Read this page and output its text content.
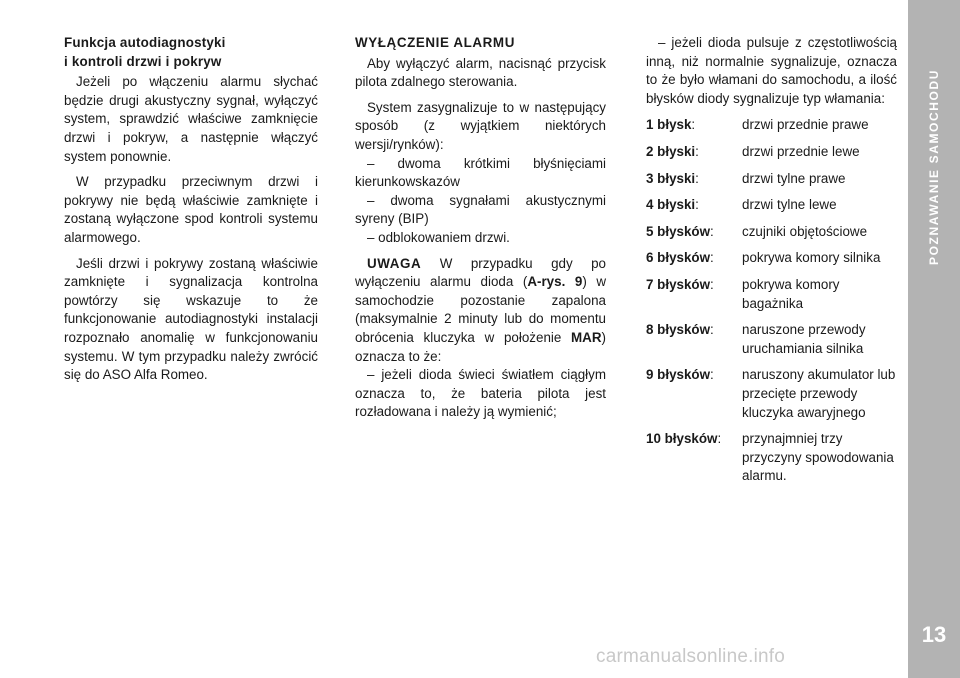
Funkcja autodiagnostyki
i kontroli drzwi i pokryw

Jeżeli po włączeniu alarmu słychać będzie drugi akustyczny sygnał, wyłączyć system, sprawdzić właściwe zamknięcie drzwi i pokryw, a następnie włączyć system ponownie.

W przypadku przeciwnym drzwi i pokrywy nie będą właściwie zamknięte i zostaną wyłączone spod kontroli systemu alarmowego.

Jeśli drzwi i pokrywy zostaną właściwie zamknięte i sygnalizacja kontrolna powtórzy się wskazuje to że funkcjonowanie autodiagnostyki instalacji rozpoznało anomalię w funkcjonowaniu systemu. W tym przypadku należy zwrócić się do ASO Alfa Romeo.

WYŁĄCZENIE ALARMU

Aby wyłączyć alarm, nacisnąć przycisk pilota zdalnego sterowania.

System zasygnalizuje to w następujący sposób (z wyjątkiem niektórych wersji/rynków):

– dwoma krótkimi błyśnięciami kierunkowskazów

– dwoma sygnałami akustycznymi syreny (BIP)

– odblokowaniem drzwi.

UWAGA W przypadku gdy po wyłączeniu alarmu dioda (A-rys. 9) w samochodzie pozostanie zapalona (maksymalnie 2 minuty lub do momentu obrócenia kluczyka w położenie MAR) oznacza to że:

– jeżeli dioda świeci światłem ciągłym oznacza to, że bateria pilota jest rozładowana i należy ją wymienić;

– jeżeli dioda pulsuje z częstotliwością inną, niż normalnie sygnalizuje, oznacza to że było włamani do samochodu, a ilość błysków diody sygnalizuje typ włamania:

1 błysk:	drzwi przednie prawe
2 błyski:	drzwi przednie lewe
3 błyski:	drzwi tylne prawe
4 błyski:	drzwi tylne lewe
5 błysków:	czujniki objętościowe
6 błysków:	pokrywa komory silnika
7 błysków:	pokrywa komory bagażnika
8 błysków:	naruszone przewody uruchamiania silnika
9 błysków:	naruszony akumulator lub przecięte przewody kluczyka awaryjnego
10 błysków:	przynajmniej trzy przyczyny spowodowania alarmu.
POZNAWANIE SAMOCHODU
13
carmanualsonline.info
